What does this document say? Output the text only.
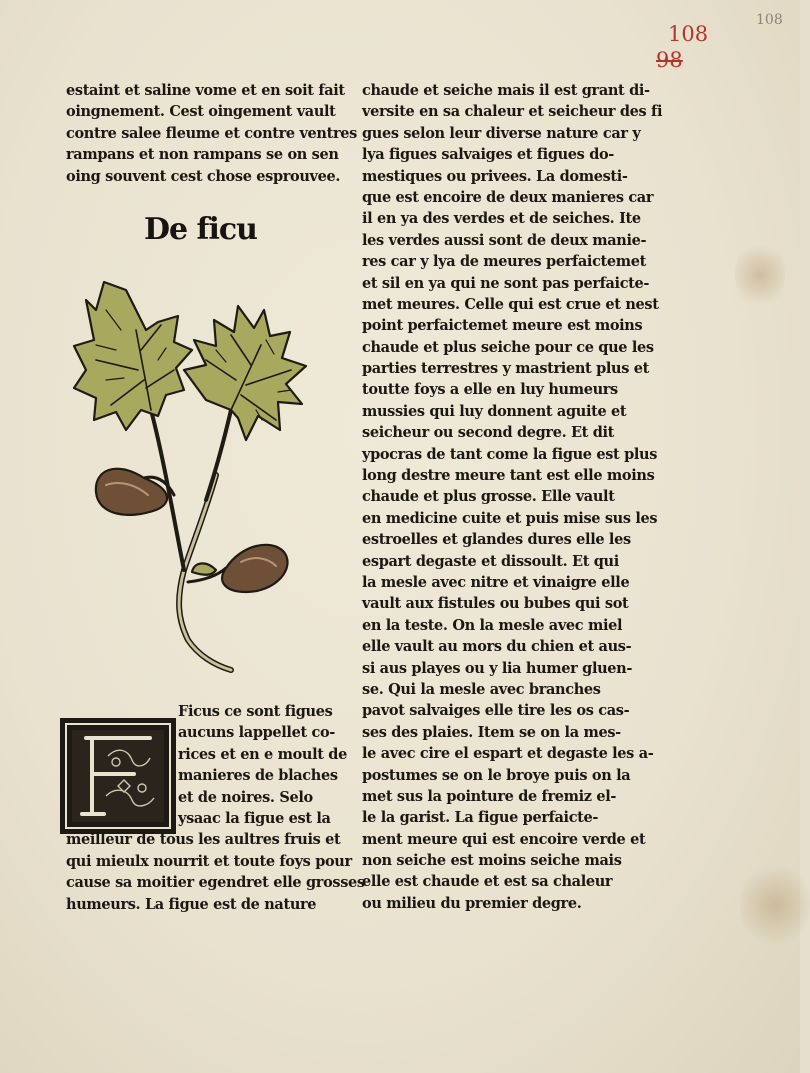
108
108
98
estaint et saline vome et en soit fait
oingnement. Cest oingement vault
contre salee fleume et contre ventres
rampans et non rampans se on sen
oing souvent cest chose esprouvee.
De ficu
Ficus ce sont figues
aucuns lappellet co-
rices et en e moult de
manieres de blaches
et de noires. Selo
ysaac la figue est la
meilleur de tous les aultres fruis et
qui mieulx nourrit et toute foys pour
cause sa moitier egendret elle grosses
humeurs. La figue est de nature
chaude et seiche mais il est grant di-
versite en sa chaleur et seicheur des fi
gues selon leur diverse nature car y
lya figues salvaiges et figues do-
mestiques ou privees. La domesti-
que est encoire de deux manieres car
il en ya des verdes et de seiches. Ite
les verdes aussi sont de deux manie-
res car y lya de meures perfaictemet
et sil en ya qui ne sont pas perfaicte-
met meures. Celle qui est crue et nest
point perfaictemet meure est moins
chaude et plus seiche pour ce que les
parties terrestres y mastrient plus et
toutte foys a elle en luy humeurs
mussies qui luy donnent aguite et
seicheur ou second degre. Et dit
ypocras de tant come la figue est plus
long destre meure tant est elle moins
chaude et plus grosse. Elle vault
en medicine cuite et puis mise sus les
estroelles et glandes dures elle les
espart degaste et dissoult. Et qui
la mesle avec nitre et vinaigre elle
vault aux fistules ou bubes qui sot
en la teste. On la mesle avec miel
elle vault au mors du chien et aus-
si aus playes ou y lia humer gluen-
se. Qui la mesle avec branches
pavot salvaiges elle tire les os cas-
ses des plaies. Item se on la mes-
le avec cire el espart et degaste les a-
postumes se on le broye puis on la
met sus la pointure de fremiz el-
le la garist. La figue perfaicte-
ment meure qui est encoire verde et
non seiche est moins seiche mais
elle est chaude et est sa chaleur
ou milieu du premier degre.
